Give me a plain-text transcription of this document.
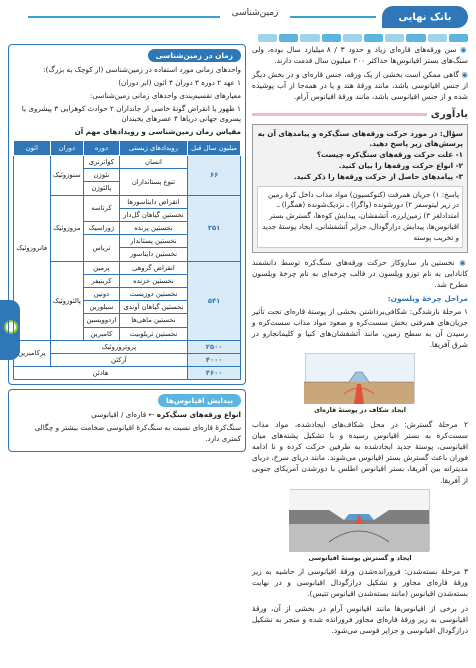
زمین‌شناسی	بانک نهایی

◉ سن ورقه‌های قاره‌ای زیاد و حدود ۳ / ۸ میلیارد سال بوده، ولی سنگ‌های بستر اقیانوس‌ها حداکثر ۲۰۰ میلیون سال قدمت دارند.

◉ گاهی ممکن است بخشی از یک ورقه، جنس قاره‌ای و در بخش دیگر از جنس اقیانوسی باشد، مانند ورقهٔ هند و یا در همه‌جا از آب پوشیده شده و از جنس اقیانوسی باشد، مانند ورقهٔ اقیانوس آرام.

یادآوری
سؤال: در مورد حرکت ورقه‌های سنگ‌کره و پیامدهای آن به پرسش‌های زیر پاسخ دهید.
۱- علت حرکت ورقه‌های سنگ‌کره چیست؟
۲- انواع حرکت ورقه‌ها را بیان کنید.
۳- پیامدهای حاصل از حرکت ورقه‌ها را ذکر کنید.
پاسخ: ۱) جریان همرفت (کنوکسیون) مواد مذاب داخل کرهٔ زمین در زیر لیتوسفر ۲) دورشونده (واگرا) ـ نزدیک‌شونده (همگرا) ـ امتدادلغز ۳) زمین‌لرزه، آتشفشان، پیدایش کوه‌ها، گسترش بستر اقیانوس‌ها، پیدایش درازگودال، جزایر آتشفشانی، ایجاد پوستهٔ جدید و تخریب پوسته

◉ نخستین بار ساروکار حرکت ورقه‌های سنگ‌کره توسط دانشمند کانادایی به نام توزو ویلسون در قالب چرخه‌ای به نام چرخهٔ ویلسون مطرح شد.

مراحل چرخهٔ ویلسون:

۱ مرحلهٔ بازشدگی: شکافی‌برداشتن بخشی از پوستهٔ قاره‌ای تحت تأثیر جریان‌های همرفتی بخش سست‌کره و صعود مواد مذاب سست‌کره و رسیدن آن به سطح زمین، مانند آتشفشان‌های کنیا و کلیمانجارو در شرق آفریقا.

ایجاد شکاف در پوستهٔ قاره‌ای

۲ مرحلهٔ گسترش: در محل شکاف‌های ایجادشده، مواد مذاب سست‌کره به بستر اقیانوس رسیده و با تشکیل پشته‌های میان اقیانوسی، پوستهٔ جدید ایجادشده به طرفین حرکت کرده و تا ادامه فوران باعث گسترش بستر اقیانوس می‌شوند. مانند دریای سرخ، دریای مدیترانه بین آفریقا، بستر اقیانوس اطلس با دورشدن آمریکای جنوبی از آفریقا.

ایجاد و گسترش پوستهٔ اقیانوسی

۳ مرحلهٔ بسته‌شدن: فرورانده‌شدن ورقهٔ اقیانوسی از حاشیه به زیر ورقهٔ قاره‌ای مجاور و تشکیل درازگودال اقیانوسی و در نهایت بسته‌شدن اقیانوس (مانند بسته‌شدن اقیانوس تتیس).

در برخی از اقیانوس‌ها مانند اقیانوس آرام در بخشی از آن، ورقهٔ اقیانوسی به زیر ورقهٔ قاره‌ای مجاور فرورانده شده و منجر به تشکیل درازگودال اقیانوسی و جزایر قوسی می‌شود.

زمان در زمین‌شناسی

واحدهای زمانی مورد استفاده در زمین‌شناسی (از کوچک به بزرگ):

۱ عهد ۲ دوره ۳ دوران ۴ ائون (ابر دوران)

معیارهای تقسیم‌بندی واحدهای زمانی زمین‌شناسی:

۱ ظهور یا انقراض گونهٔ خاصی از جانداران ۲ حوادث کوهزایی ۳ پیشروی یا پسروی جهانی دریاها ۴ عصرهای یخبندان

مقیاس زمان زمین‌شناسی و رویدادهای مهم آن
میلیون سال قبل	رویدادهای زیستی	دوره	دوران	ائون
۶۶	انسان	کواترنری	سنوزوئیک	فانروزوئیک
	تنوع پستانداران	نئوژن		
		پالئوژن		
۲۵۱	انقراض دایناسورها	کرتاسه	مزوزوئیک	
	نخستین گیاهان گل‌دار			
	نخستین پرنده	ژوراسیک		
	نخستین پستاندار	تریاس		
	نخستین دایناسور			
۵۴۱	انقراض گروهی	پرمین	پالئوزوئیک	
	نخستین خزنده	کربنیفر		
	نخستین دوزیست	دونین		
	نخستین گیاهان آوندی	سیلورین		
	نخستین ماهی‌ها	اردوویسین		
	نخستین تریلوبیت	کامبرین		
۲۵۰۰	پروتروزوئیک			پرکامبرین
۴۰۰۰	آرکئن			
۴۶۰۰	هادئن			
پیدایش اقیانوس‌ها

انواع ورقه‌های سنگ‌کره ← قاره‌ای / اقیانوسی

سنگ‌کرهٔ قاره‌ای نسبت به سنگ‌کرهٔ اقیانوسی ضخامت بیشتر و چگالی کمتری دارد.
